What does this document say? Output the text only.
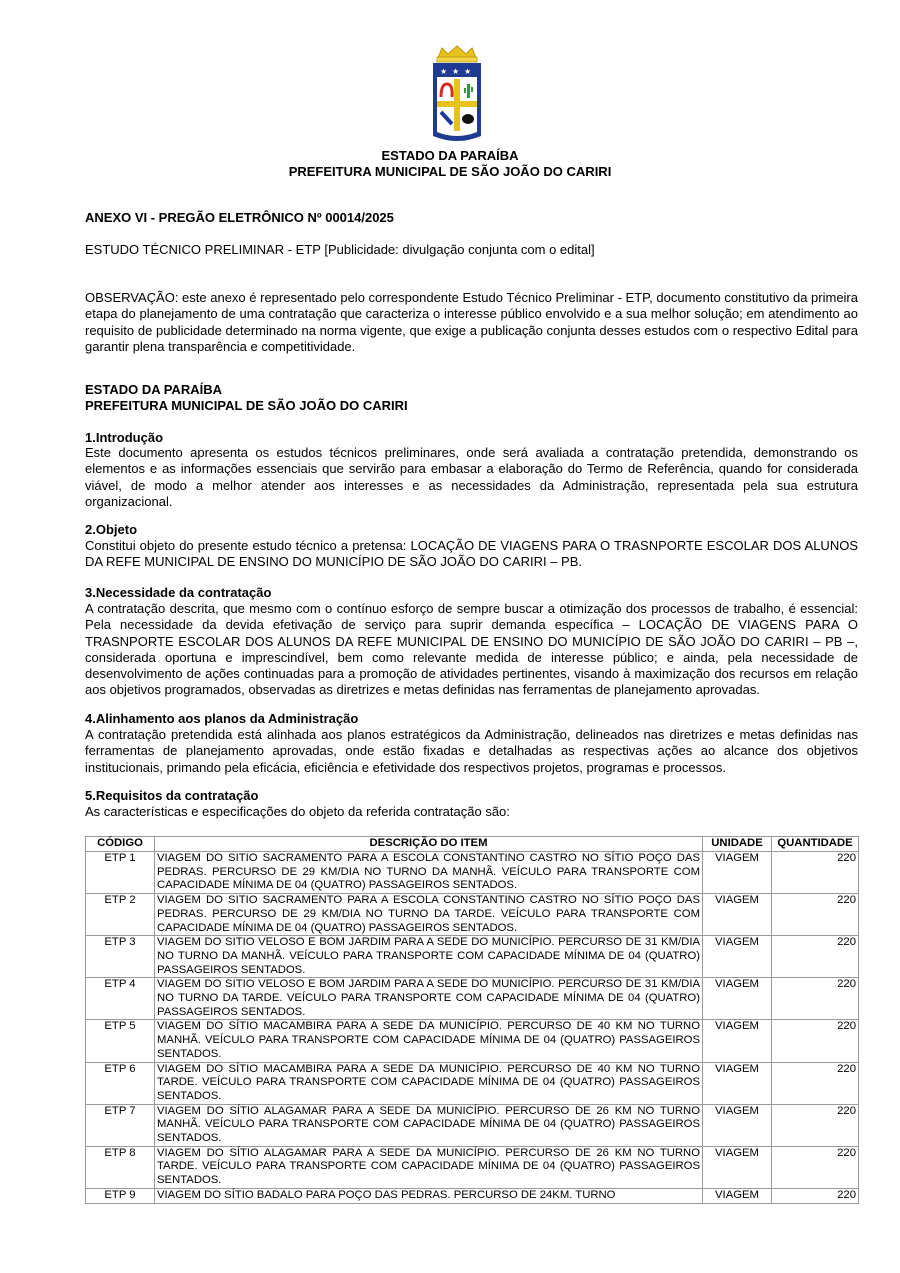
★ ★ ★
ESTADO DA PARAÍBA
PREFEITURA MUNICIPAL DE SÃO JOÃO DO CARIRI
ANEXO VI - PREGÃO ELETRÔNICO Nº 00014/2025
ESTUDO TÉCNICO PRELIMINAR - ETP [Publicidade: divulgação conjunta com o edital]
OBSERVAÇÃO: este anexo é representado pelo correspondente Estudo Técnico Preliminar - ETP, documento constitutivo da primeira etapa do planejamento de uma contratação que caracteriza o interesse público envolvido e a sua melhor solução; em atendimento ao requisito de publicidade determinado na norma vigente, que exige a publicação conjunta desses estudos com o respectivo Edital para garantir plena transparência e competitividade.
ESTADO DA PARAÍBA
PREFEITURA MUNICIPAL DE SÃO JOÃO DO CARIRI
1.Introdução
Este documento apresenta os estudos técnicos preliminares, onde será avaliada a contratação pretendida, demonstrando os elementos e as informações essenciais que servirão para embasar a elaboração do Termo de Referência, quando for considerada viável, de modo a melhor atender aos interesses e as necessidades da Administração, representada pela sua estrutura organizacional.
2.Objeto
Constitui objeto do presente estudo técnico a pretensa: LOCAÇÃO DE VIAGENS PARA O TRASNPORTE ESCOLAR DOS ALUNOS DA REFE MUNICIPAL DE ENSINO DO MUNICÍPIO DE SÃO JOÃO DO CARIRI – PB.
3.Necessidade da contratação
A contratação descrita, que mesmo com o contínuo esforço de sempre buscar a otimização dos processos de trabalho, é essencial: Pela necessidade da devida efetivação de serviço para suprir demanda específica – LOCAÇÃO DE VIAGENS PARA O TRASNPORTE ESCOLAR DOS ALUNOS DA REFE MUNICIPAL DE ENSINO DO MUNICÍPIO DE SÃO JOÃO DO CARIRI – PB –, considerada oportuna e imprescindível, bem como relevante medida de interesse público; e ainda, pela necessidade de desenvolvimento de ações continuadas para a promoção de atividades pertinentes, visando à maximização dos recursos em relação aos objetivos programados, observadas as diretrizes e metas definidas nas ferramentas de planejamento aprovadas.
4.Alinhamento aos planos da Administração
A contratação pretendida está alinhada aos planos estratégicos da Administração, delineados nas diretrizes e metas definidas nas ferramentas de planejamento aprovadas, onde estão fixadas e detalhadas as respectivas ações ao alcance dos objetivos institucionais, primando pela eficácia, eficiência e efetividade dos respectivos projetos, programas e processos.
5.Requisitos da contratação
As características e especificações do objeto da referida contratação são:
CÓDIGO	DESCRIÇÃO DO ITEM	UNIDADE	QUANTIDADE
ETP 1	VIAGEM DO SITIO SACRAMENTO PARA A ESCOLA CONSTANTINO CASTRO NO SÍTIO POÇO DAS PEDRAS. PERCURSO DE 29 KM/DIA NO TURNO DA MANHÃ. VEÍCULO PARA TRANSPORTE COM CAPACIDADE MÍNIMA DE 04 (QUATRO) PASSAGEIROS SENTADOS.	VIAGEM	220
ETP 2	VIAGEM DO SITIO SACRAMENTO PARA A ESCOLA CONSTANTINO CASTRO NO SÍTIO POÇO DAS PEDRAS. PERCURSO DE 29 KM/DIA NO TURNO DA TARDE. VEÍCULO PARA TRANSPORTE COM CAPACIDADE MÍNIMA DE 04 (QUATRO) PASSAGEIROS SENTADOS.	VIAGEM	220
ETP 3	VIAGEM DO SITIO VELOSO E BOM JARDIM PARA A SEDE DO MUNICÍPIO. PERCURSO DE 31 KM/DIA NO TURNO DA MANHÃ. VEÍCULO PARA TRANSPORTE COM CAPACIDADE MÍNIMA DE 04 (QUATRO) PASSAGEIROS SENTADOS.	VIAGEM	220
ETP 4	VIAGEM DO SITIO VELOSO E BOM JARDIM PARA A SEDE DO MUNICÍPIO. PERCURSO DE 31 KM/DIA NO TURNO DA TARDE. VEÍCULO PARA TRANSPORTE COM CAPACIDADE MÍNIMA DE 04 (QUATRO) PASSAGEIROS SENTADOS.	VIAGEM	220
ETP 5	VIAGEM DO SÍTIO MACAMBIRA PARA A SEDE DA MUNICÍPIO. PERCURSO DE 40 KM NO TURNO MANHÃ. VEÍCULO PARA TRANSPORTE COM CAPACIDADE MÍNIMA DE 04 (QUATRO) PASSAGEIROS SENTADOS.	VIAGEM	220
ETP 6	VIAGEM DO SÍTIO MACAMBIRA PARA A SEDE DA MUNICÍPIO. PERCURSO DE 40 KM NO TURNO TARDE. VEÍCULO PARA TRANSPORTE COM CAPACIDADE MÍNIMA DE 04 (QUATRO) PASSAGEIROS SENTADOS.	VIAGEM	220
ETP 7	VIAGEM DO SÍTIO ALAGAMAR PARA A SEDE DA MUNICÍPIO. PERCURSO DE 26 KM NO TURNO MANHÃ. VEÍCULO PARA TRANSPORTE COM CAPACIDADE MÍNIMA DE 04 (QUATRO) PASSAGEIROS SENTADOS.	VIAGEM	220
ETP 8	VIAGEM DO SÍTIO ALAGAMAR PARA A SEDE DA MUNICÍPIO. PERCURSO DE 26 KM NO TURNO TARDE. VEÍCULO PARA TRANSPORTE COM CAPACIDADE MÍNIMA DE 04 (QUATRO) PASSAGEIROS SENTADOS.	VIAGEM	220
ETP 9	VIAGEM DO SÍTIO BADALO PARA POÇO DAS PEDRAS. PERCURSO DE 24KM. TURNO	VIAGEM	220
